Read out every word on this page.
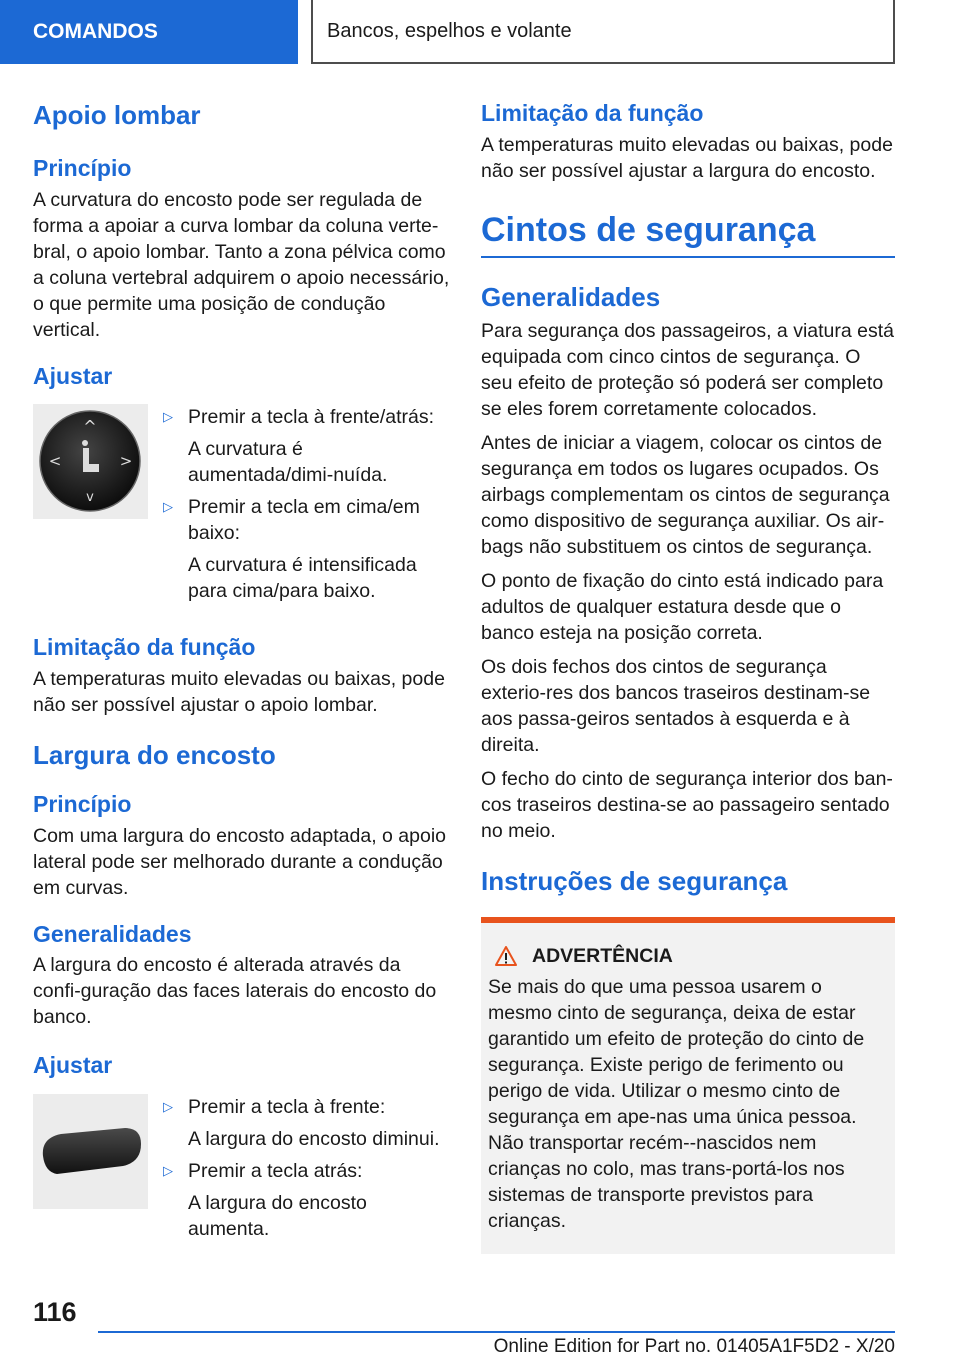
COMANDOS	Bancos, espelhos e volante
Apoio lombar
Princípio

A curvatura do encosto pode ser regulada de forma a apoiar a curva lombar da coluna verte-bral, o apoio lombar. Tanto a zona pélvica como a coluna vertebral adquirem o apoio necessário, o que permite uma posição de condução vertical.

Ajustar
^
v
<	>
▷ Premir a tecla à frente/atrás:
A curvatura é aumentada/dimi-nuída.
▷ Premir a tecla em cima/em baixo:
A curvatura é intensificada para cima/para baixo.
Limitação da função

A temperaturas muito elevadas ou baixas, pode não ser possível ajustar o apoio lombar.

Largura do encosto
Princípio

Com uma largura do encosto adaptada, o apoio lateral pode ser melhorado durante a condução em curvas.

Generalidades

A largura do encosto é alterada através da confi-guração das faces laterais do encosto do banco.

Ajustar
▷ Premir a tecla à frente:
A largura do encosto diminui.
▷ Premir a tecla atrás:
A largura do encosto aumenta.
Limitação da função

A temperaturas muito elevadas ou baixas, pode não ser possível ajustar a largura do encosto.

Cintos de segurança
Generalidades

Para segurança dos passageiros, a viatura está equipada com cinco cintos de segurança. O seu efeito de proteção só poderá ser completo se eles forem corretamente colocados.

Antes de iniciar a viagem, colocar os cintos de segurança em todos os lugares ocupados. Os airbags complementam os cintos de segurança como dispositivo de segurança auxiliar. Os air-bags não substituem os cintos de segurança.

O ponto de fixação do cinto está indicado para adultos de qualquer estatura desde que o banco esteja na posição correta.

Os dois fechos dos cintos de segurança exterio-res dos bancos traseiros destinam-se aos passa-geiros sentados à esquerda e à direita.

O fecho do cinto de segurança interior dos ban-cos traseiros destina-se ao passageiro sentado no meio.

Instruções de segurança
ADVERTÊNCIA

Se mais do que uma pessoa usarem o mesmo cinto de segurança, deixa de estar garantido um efeito de proteção do cinto de segurança. Existe perigo de ferimento ou perigo de vida. Utilizar o mesmo cinto de segurança em ape-nas uma única pessoa. Não transportar recém--nascidos nem crianças no colo, mas trans-portá-los nos sistemas de transporte previstos para crianças.

116
Online Edition for Part no. 01405A1F5D2 - X/20
